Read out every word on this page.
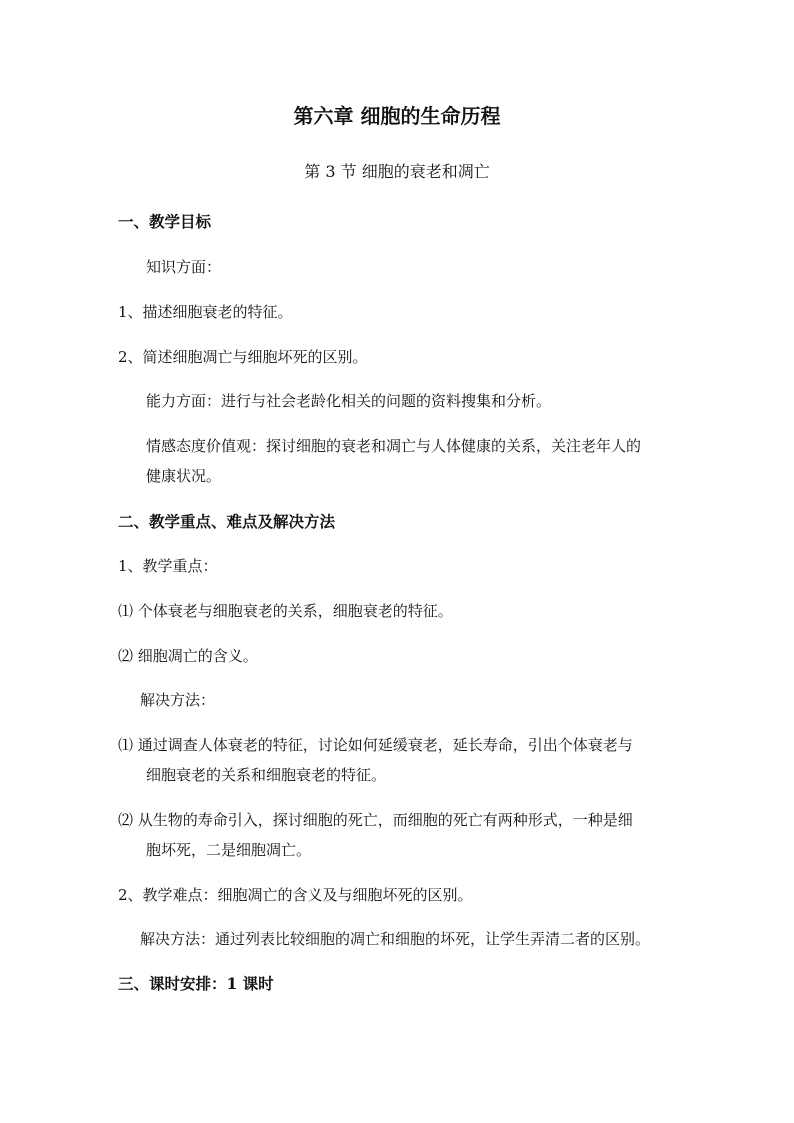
第六章 细胞的生命历程
第 3 节 细胞的衰老和凋亡
一、教学目标
知识方面：
1、描述细胞衰老的特征。
2、简述细胞凋亡与细胞坏死的区别。
能力方面：进行与社会老龄化相关的问题的资料搜集和分析。
情感态度价值观：探讨细胞的衰老和凋亡与人体健康的关系，关注老年人的
健康状况。
二、教学重点、难点及解决方法
1、教学重点：
⑴ 个体衰老与细胞衰老的关系，细胞衰老的特征。
⑵ 细胞凋亡的含义。
解决方法：
⑴ 通过调查人体衰老的特征，讨论如何延缓衰老，延长寿命，引出个体衰老与
细胞衰老的关系和细胞衰老的特征。
⑵ 从生物的寿命引入，探讨细胞的死亡，而细胞的死亡有两种形式，一种是细
胞坏死，二是细胞凋亡。
2、教学难点：细胞凋亡的含义及与细胞坏死的区别。
解决方法：通过列表比较细胞的凋亡和细胞的坏死，让学生弄清二者的区别。
三、课时安排：1 课时
